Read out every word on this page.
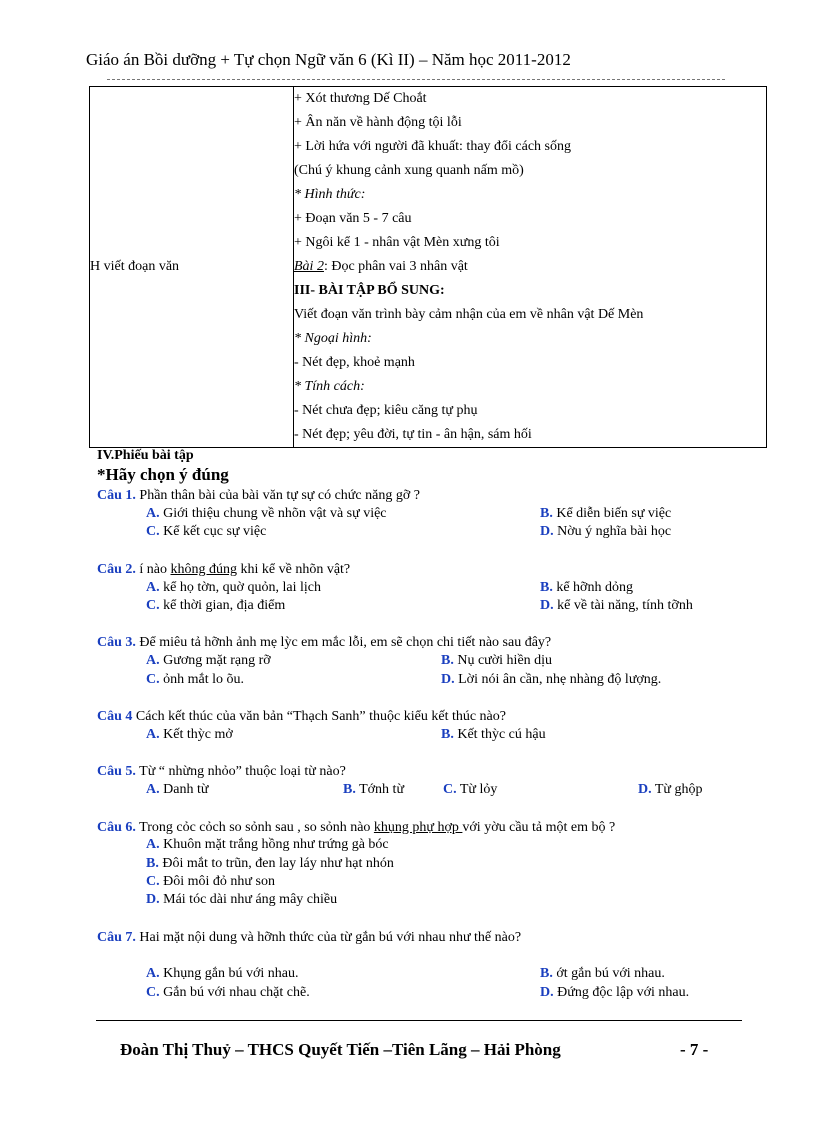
Giáo án Bồi dưỡng + Tự chọn Ngữ văn 6 (Kì II) – Năm học 2011-2012
H viết đoạn văn	
+ Xót thương Dế Choắt
+ Ân năn về hành động tội lỗi
+ Lời hứa với người đã khuất: thay đổi cách sống
(Chú ý khung cảnh xung quanh nấm mồ)
* Hình thức:
+ Đoạn văn 5 - 7 câu
+ Ngôi kể 1 - nhân vật Mèn xưng tôi
Bài 2: Đọc phân vai 3 nhân vật
III- BÀI TẬP BỔ SUNG:
Viết đoạn văn trình bày cảm nhận của em về nhân vật Dế Mèn
* Ngoại hình:
- Nét đẹp, khoẻ mạnh
* Tính cách:
- Nét chưa đẹp; kiêu căng tự phụ
- Nét đẹp; yêu đời, tự tin - ân hận, sám hối
IV.Phiếu bài tập
*Hãy chọn ý đúng
Câu 1. Phần thân bài của bài văn tự sự có chức năng gỡ ?
A. Giới thiệu chung về nhõn vật và sự việc	B. Kể diễn biến sự việc
C. Kể kết cục sự việc	D. Nờu ý nghĩa bài học
Câu 2. í nào không đúng khi kể về nhõn vật?
A. kể họ tờn, quờ quỏn, lai lịch	B. kể hỡnh dỏng
C. kể thời gian, địa điểm	D. kể về tài năng, tính tỡnh
Câu 3. Để miêu tả hỡnh ảnh mẹ lỳc em mắc lỗi, em sẽ chọn chi tiết nào sau đây?
A. Gương mặt rạng rỡ	B. Nụ cười hiền dịu
C. ỏnh mắt lo õu.	D. Lời nói ân cần, nhẹ nhàng độ lượng.
Câu 4 Cách kết thúc của văn bản “Thạch Sanh” thuộc kiểu kết thúc nào?
A. Kết thỳc mở	B. Kết thỳc cú hậu
Câu 5. Từ “ nhừng nhỏo” thuộc loại từ nào?
A. Danh từ	B. Tớnh từ	C. Từ lỏy	D. Từ ghộp
Câu 6. Trong cỏc cỏch so sỏnh sau , so sỏnh nào khụng phự hợp với yờu cầu tả một em bộ ?
A. Khuôn mặt trắng hồng như trứng gà bóc
B. Đôi mắt to trũn, đen lay láy như hạt nhón
C. Đôi môi đỏ như son
D. Mái tóc dài như áng mây chiều
Câu 7. Hai mặt nội dung và hỡnh thức của từ gắn bú với nhau như thế nào?
A. Khụng gắn bú với nhau.	B. ớt gắn bú với nhau.
C. Gắn bú với nhau chặt chẽ.	D. Đứng độc lập với nhau.
Đoàn Thị Thuỷ – THCS Quyết Tiến –Tiên Lãng – Hải Phòng	- 7 -
